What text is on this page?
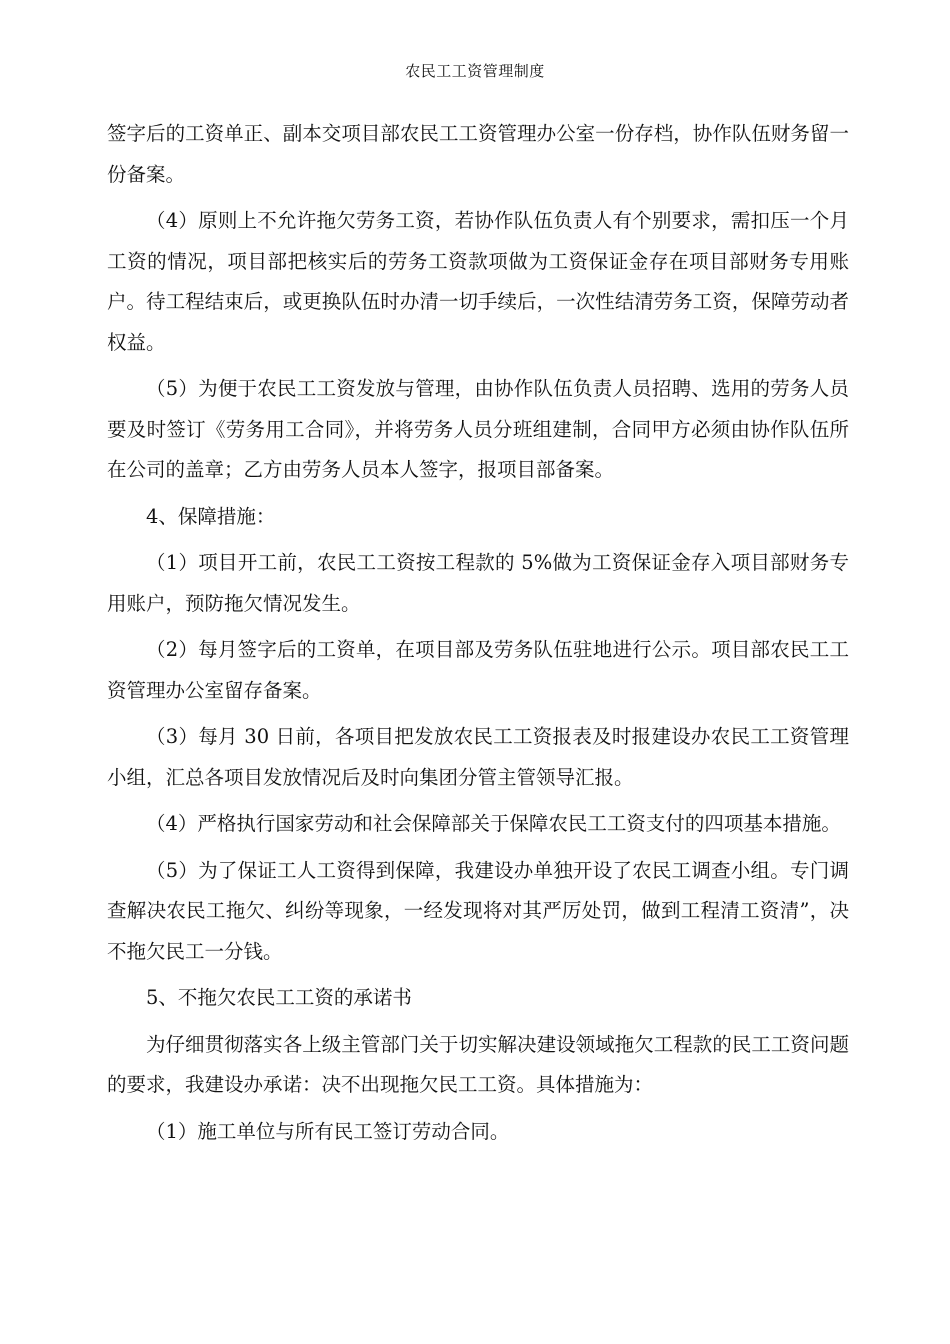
农民工工资管理制度

签字后的工资单正、副本交项目部农民工工资管理办公室一份存档，协作队伍财务留一份备案。

（4）原则上不允许拖欠劳务工资，若协作队伍负责人有个别要求，需扣压一个月工资的情况，项目部把核实后的劳务工资款项做为工资保证金存在项目部财务专用账户。待工程结束后，或更换队伍时办清一切手续后，一次性结清劳务工资，保障劳动者权益。

（5）为便于农民工工资发放与管理，由协作队伍负责人员招聘、选用的劳务人员要及时签订《劳务用工合同》，并将劳务人员分班组建制，合同甲方必须由协作队伍所在公司的盖章；乙方由劳务人员本人签字，报项目部备案。

4、保障措施：

（1）项目开工前，农民工工资按工程款的 5%做为工资保证金存入项目部财务专用账户，预防拖欠情况发生。

（2）每月签字后的工资单，在项目部及劳务队伍驻地进行公示。项目部农民工工资管理办公室留存备案。

（3）每月 30 日前，各项目把发放农民工工资报表及时报建设办农民工工资管理小组，汇总各项目发放情况后及时向集团分管主管领导汇报。

（4）严格执行国家劳动和社会保障部关于保障农民工工资支付的四项基本措施。

（5）为了保证工人工资得到保障，我建设办单独开设了农民工调查小组。专门调查解决农民工拖欠、纠纷等现象，一经发现将对其严厉处罚，做到工程清工资清”，决不拖欠民工一分钱。

5、不拖欠农民工工资的承诺书

为仔细贯彻落实各上级主管部门关于切实解决建设领域拖欠工程款的民工工资问题的要求，我建设办承诺：决不出现拖欠民工工资。具体措施为：

（1）施工单位与所有民工签订劳动合同。
